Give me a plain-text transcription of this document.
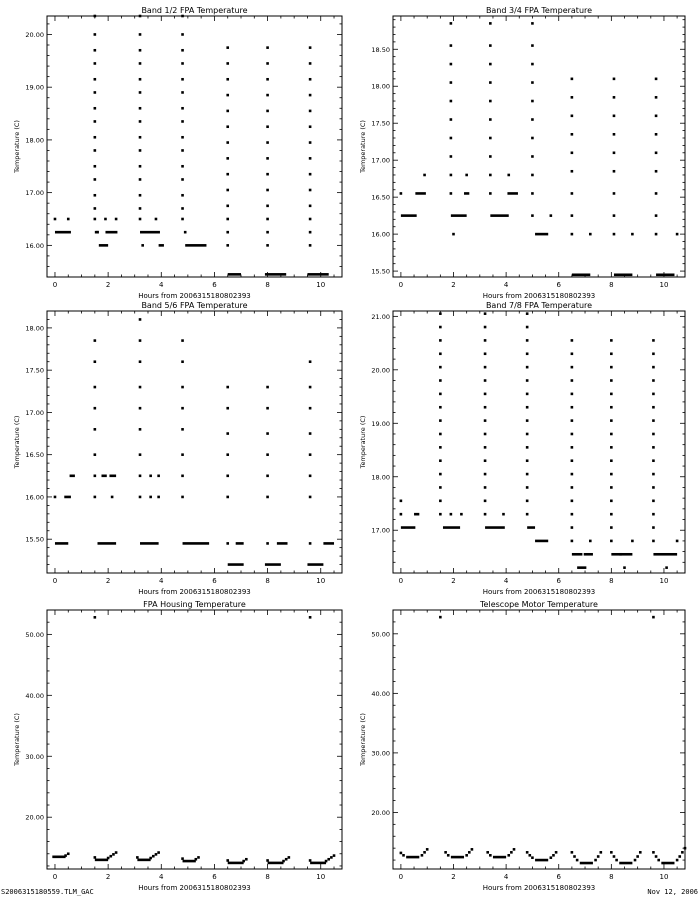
Band 1/2 FPA Temperature
Hours from 2006315180802393
Temperature (C)
0	2	4	6	8	10
16.00
17.00
18.00
19.00
20.00
Band 3/4 FPA Temperature
Hours from 2006315180802393
Temperature (C)
0	2	4	6	8	10
15.50
16.00
16.50
17.00
17.50
18.00
18.50
Band 5/6 FPA Temperature
Hours from 2006315180802393
Temperature (C)
0	2	4	6	8	10
15.50
16.00
16.50
17.00
17.50
18.00
Band 7/8 FPA Temperature
Hours from 2006315180802393
Temperature (C)
0	2	4	6	8	10
17.00
18.00
19.00
20.00
21.00
FPA Housing Temperature
Hours from 2006315180802393
Temperature (C)
0	2	4	6	8	10
20.00
30.00
40.00
50.00
Telescope Motor Temperature
Hours from 2006315180802393
Temperature (C)
0	2	4	6	8	10
20.00
30.00
40.00
50.00
S2006315180559.TLM_GAC	Nov 12, 2006
